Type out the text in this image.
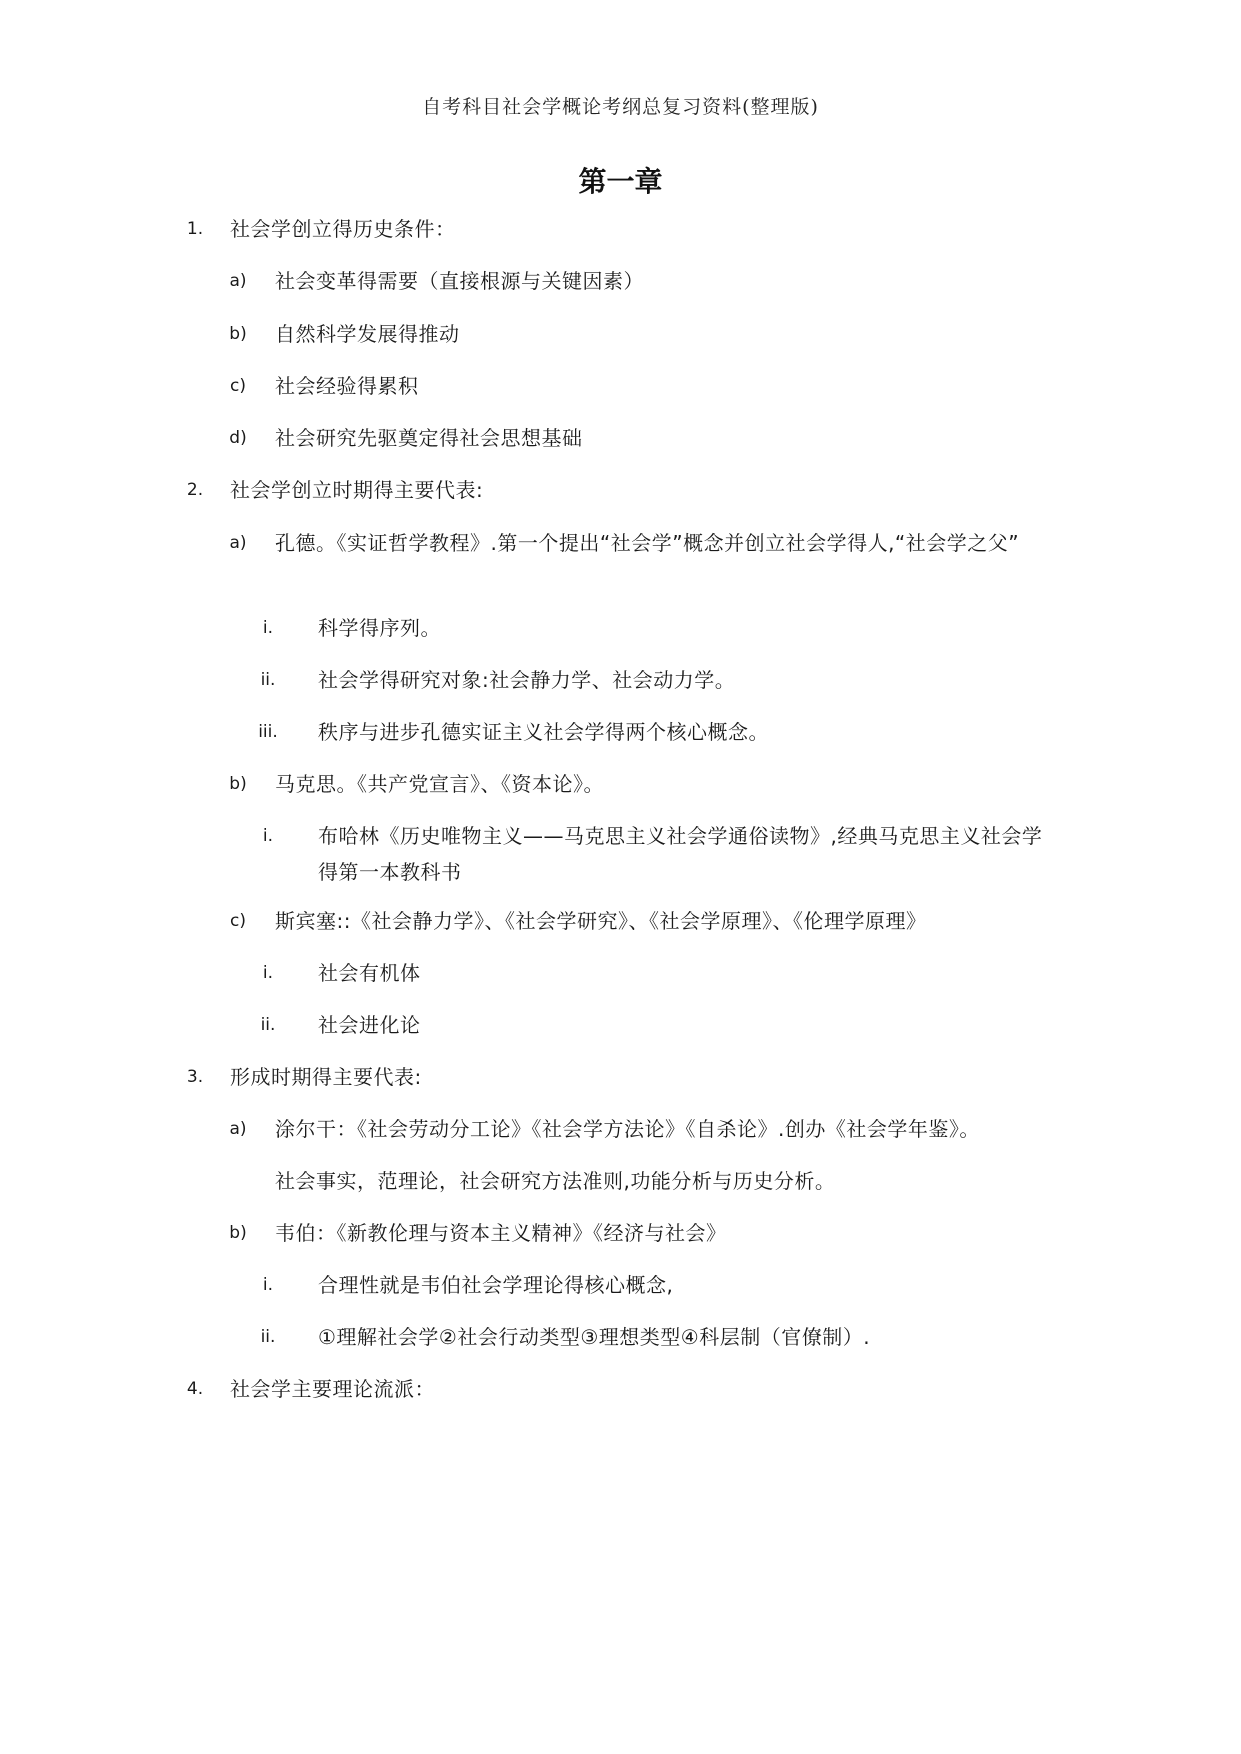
自考科目社会学概论考纲总复习资料(整理版)
第一章
1.	社会学创立得历史条件：
a)	社会变革得需要（直接根源与关键因素）
b)	自然科学发展得推动
c)	社会经验得累积
d)	社会研究先驱奠定得社会思想基础
2.	社会学创立时期得主要代表:
a)	孔德。《实证哲学教程》.第一个提出“社会学”概念并创立社会学得人,“社会学之父”
i.	科学得序列。
ii.	社会学得研究对象:社会静力学、社会动力学。
iii.	秩序与进步孔德实证主义社会学得两个核心概念。
b)	马克思。《共产党宣言》、《资本论》。
i.	布哈林《历史唯物主义——马克思主义社会学通俗读物》,经典马克思主义社会学得第一本教科书
c)	斯宾塞::《社会静力学》、《社会学研究》、《社会学原理》、《伦理学原理》
i.	社会有机体
ii.	社会进化论
3.	形成时期得主要代表:
a)	涂尔干：《社会劳动分工论》《社会学方法论》《自杀论》.创办《社会学年鉴》。
社会事实，范理论，社会研究方法准则,功能分析与历史分析。
b)	韦伯：《新教伦理与资本主义精神》《经济与社会》
i.	合理性就是韦伯社会学理论得核心概念,
ii.	①理解社会学②社会行动类型③理想类型④科层制（官僚制）.
4.	社会学主要理论流派：
